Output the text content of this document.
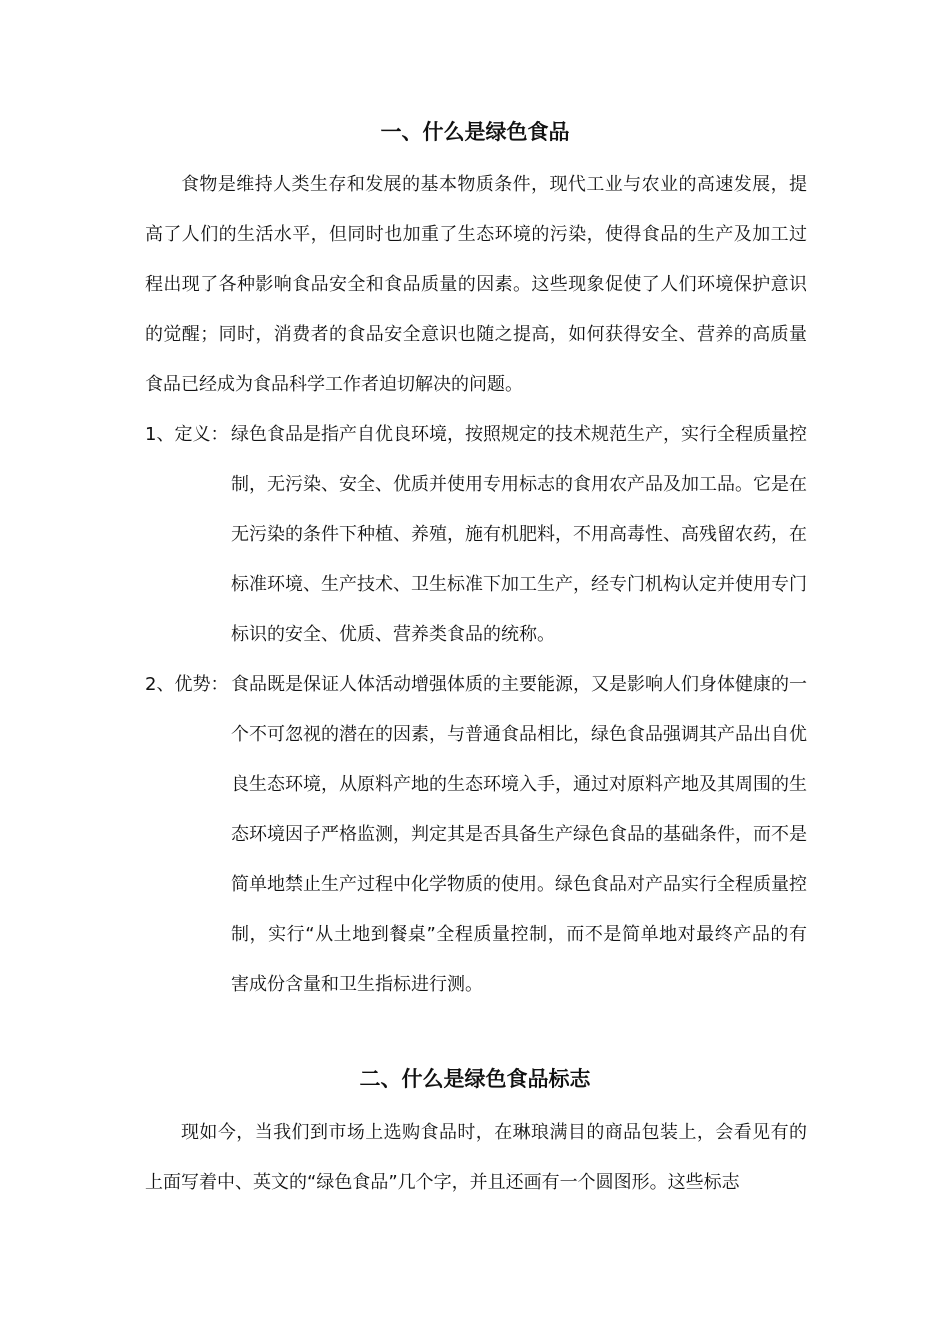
一、什么是绿色食品

食物是维持人类生存和发展的基本物质条件，现代工业与农业的高速发展，提高了人们的生活水平，但同时也加重了生态环境的污染，使得食品的生产及加工过程出现了各种影响食品安全和食品质量的因素。这些现象促使了人们环境保护意识的觉醒；同时，消费者的食品安全意识也随之提高，如何获得安全、营养的高质量食品已经成为食品科学工作者迫切解决的问题。

1、定义： 绿色食品是指产自优良环境，按照规定的技术规范生产，实行全程质量控制，无污染、安全、优质并使用专用标志的食用农产品及加工品。它是在无污染的条件下种植、养殖，施有机肥料，不用高毒性、高残留农药，在标准环境、生产技术、卫生标准下加工生产，经专门机构认定并使用专门标识的安全、优质、营养类食品的统称。
2、优势： 食品既是保证人体活动增强体质的主要能源，又是影响人们身体健康的一个不可忽视的潜在的因素，与普通食品相比，绿色食品强调其产品出自优良生态环境，从原料产地的生态环境入手，通过对原料产地及其周围的生态环境因子严格监测，判定其是否具备生产绿色食品的基础条件，而不是简单地禁止生产过程中化学物质的使用。绿色食品对产品实行全程质量控制，实行“从土地到餐桌”全程质量控制，而不是简单地对最终产品的有害成份含量和卫生指标进行测。
二、什么是绿色食品标志

现如今，当我们到市场上选购食品时，在琳琅满目的商品包装上，会看见有的上面写着中、英文的“绿色食品”几个字，并且还画有一个圆图形。这些标志
